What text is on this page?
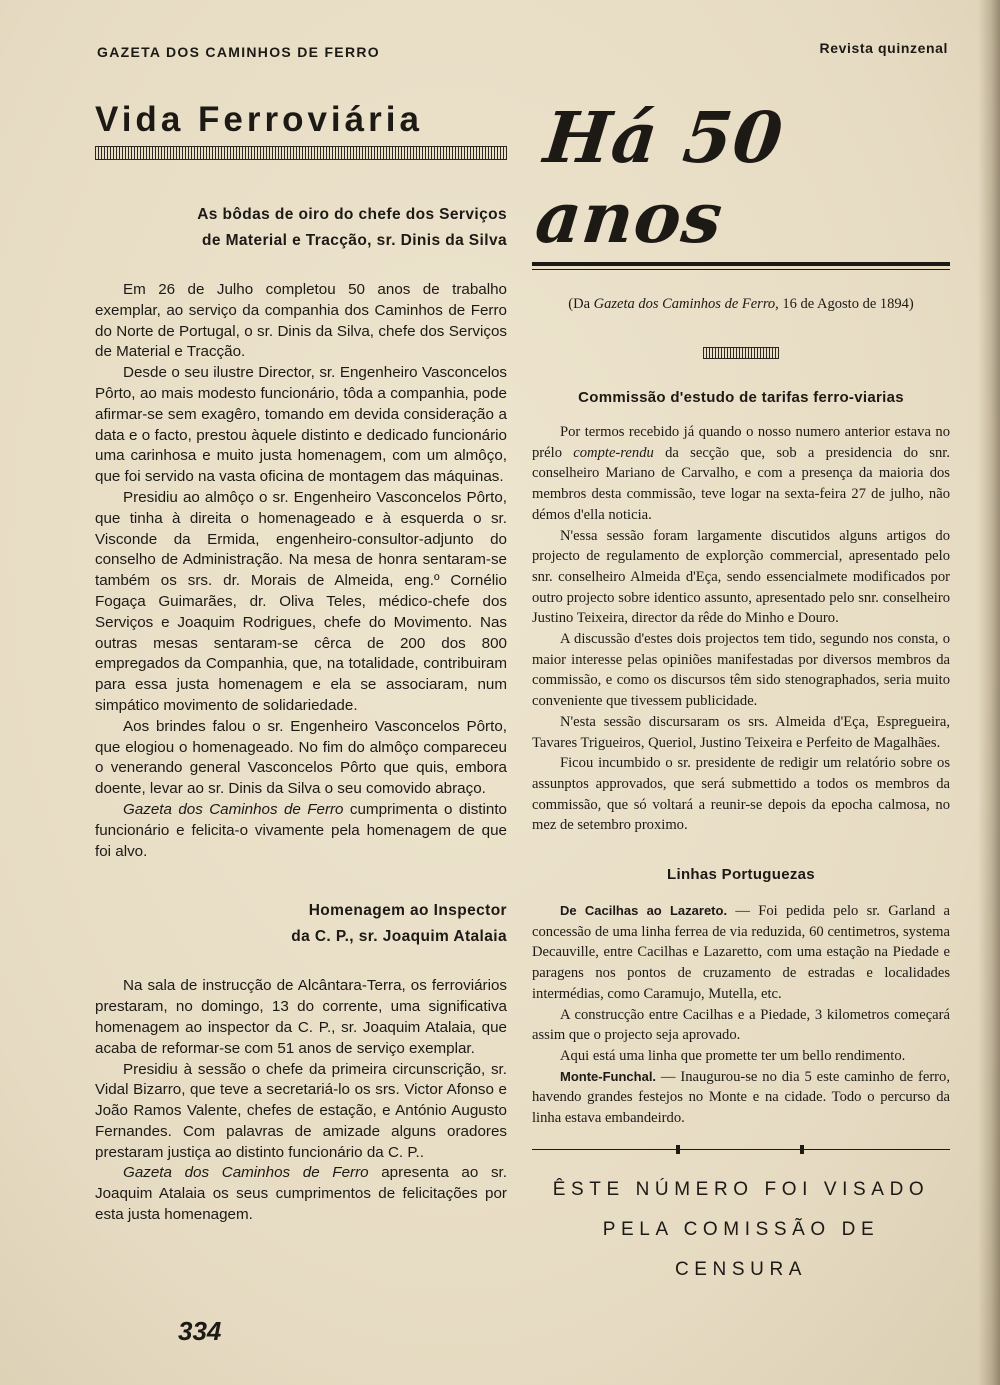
GAZETA DOS CAMINHOS DE FERRO	Revista quinzenal
Vida Ferroviária
As bôdas de oiro do chefe dos Serviços
de Material e Tracção, sr. Dinis da Silva

Em 26 de Julho completou 50 anos de trabalho exemplar, ao serviço da companhia dos Caminhos de Ferro do Norte de Portugal, o sr. Dinis da Silva, chefe dos Serviços de Material e Tracção.

Desde o seu ilustre Director, sr. Engenheiro Vasconcelos Pôrto, ao mais modesto funcionário, tôda a companhia, pode afirmar-se sem exagêro, tomando em devida consideração a data e o facto, prestou àquele distinto e dedicado funcionário uma carinhosa e muito justa homenagem, com um almôço, que foi servido na vasta oficina de montagem das máquinas.

Presidiu ao almôço o sr. Engenheiro Vasconcelos Pôrto, que tinha à direita o homenageado e à esquerda o sr. Visconde da Ermida, engenheiro-consultor-adjunto do conselho de Administração. Na mesa de honra sentaram-se também os srs. dr. Morais de Almeida, eng.º Cornélio Fogaça Guimarães, dr. Oliva Teles, médico-chefe dos Serviços e Joaquim Rodrigues, chefe do Movimento. Nas outras mesas sentaram-se cêrca de 200 dos 800 empregados da Companhia, que, na totalidade, contribuiram para essa justa homenagem e ela se associaram, num simpático movimento de solidariedade.

Aos brindes falou o sr. Engenheiro Vasconcelos Pôrto, que elogiou o homenageado. No fim do almôço compareceu o venerando general Vasconcelos Pôrto que quis, embora doente, levar ao sr. Dinis da Silva o seu comovido abraço.

Gazeta dos Caminhos de Ferro cumprimenta o distinto funcionário e felicita-o vivamente pela homenagem de que foi alvo.

Homenagem ao Inspector
da C. P., sr. Joaquim Atalaia

Na sala de instrucção de Alcântara-Terra, os ferroviários prestaram, no domingo, 13 do corrente, uma significativa homenagem ao inspector da C. P., sr. Joaquim Atalaia, que acaba de reformar-se com 51 anos de serviço exemplar.

Presidiu à sessão o chefe da primeira circunscrição, sr. Vidal Bizarro, que teve a secretariá-lo os srs. Victor Afonso e João Ramos Valente, chefes de estação, e António Augusto Fernandes. Com palavras de amizade alguns oradores prestaram justiça ao distinto funcionário da C. P..

Gazeta dos Caminhos de Ferro apresenta ao sr. Joaquim Atalaia os seus cumprimentos de felicitações por esta justa homenagem.

Há 50 anos
(Da Gazeta dos Caminhos de Ferro, 16 de Agosto de 1894)
Commissão d'estudo de tarifas ferro-viarias

Por termos recebido já quando o nosso numero anterior estava no prélo compte-rendu da secção que, sob a presidencia do snr. conselheiro Mariano de Carvalho, e com a presença da maioria dos membros desta commissão, teve logar na sexta-feira 27 de julho, não démos d'ella noticia.

N'essa sessão foram largamente discutidos alguns artigos do projecto de regulamento de explorção commercial, apresentado pelo snr. conselheiro Almeida d'Eça, sendo essencialmete modificados por outro projecto sobre identico assunto, apresentado pelo snr. conselheiro Justino Teixeira, director da rêde do Minho e Douro.

A discussão d'estes dois projectos tem tido, segundo nos consta, o maior interesse pelas opiniões manifestadas por diversos membros da commissão, e como os discursos têm sido stenographados, seria muito conveniente que tivessem publicidade.

N'esta sessão discursaram os srs. Almeida d'Eça, Espregueira, Tavares Trigueiros, Queriol, Justino Teixeira e Perfeito de Magalhães.

Ficou incumbido o sr. presidente de redigir um relatório sobre os assunptos approvados, que será submettido a todos os membros da commissão, que só voltará a reunir-se depois da epocha calmosa, no mez de setembro proximo.

Linhas Portuguezas

De Cacilhas ao Lazareto. — Foi pedida pelo sr. Garland a concessão de uma linha ferrea de via reduzida, 60 centimetros, systema Decauville, entre Cacilhas e Lazaretto, com uma estação na Piedade e paragens nos pontos de cruzamento de estradas e localidades intermédias, como Caramujo, Mutella, etc.

A construcção entre Cacilhas e a Piedade, 3 kilometros começará assim que o projecto seja aprovado.

Aqui está uma linha que promette ter um bello rendimento.

Monte-Funchal. — Inaugurou-se no dia 5 este caminho de ferro, havendo grandes festejos no Monte e na cidade. Todo o percurso da linha estava embandeirdo.

ÊSTE NÚMERO FOI VISADO
PELA COMISSÃO DE CENSURA
334
